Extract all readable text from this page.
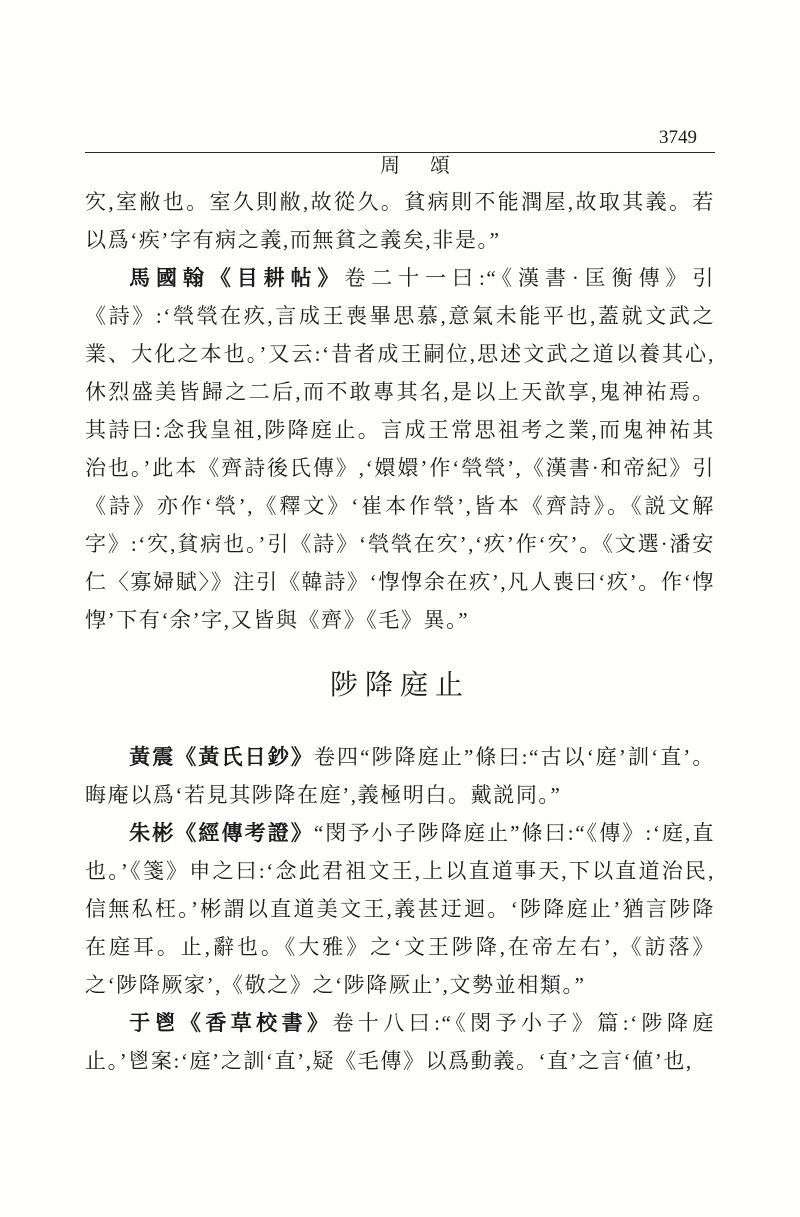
周 頌

3749

㝌,室敝也。室久則敝,故從久。貧病則不能潤屋,故取其義。若以爲‘疾’字有病之義,而無貧之義矣,非是。”

馬國翰《目耕帖》卷二十一曰:“《漢書·匡衡傳》引《詩》:‘煢煢在疚,言成王喪畢思慕,意氣未能平也,蓋就文武之業、大化之本也。’又云:‘昔者成王嗣位,思述文武之道以養其心,休烈盛美皆歸之二后,而不敢專其名,是以上天歆享,鬼神祐焉。其詩曰:念我皇祖,陟降庭止。言成王常思祖考之業,而鬼神祐其治也。’此本《齊詩後氏傳》,‘嬛嬛’作‘煢煢’,《漢書·和帝紀》引《詩》亦作‘煢’,《釋文》‘崔本作煢’,皆本《齊詩》。《説文解字》:‘㝌,貧病也。’引《詩》‘煢煢在㝌’,‘疚’作‘㝌’。《文選·潘安仁〈寡婦賦〉》注引《韓詩》‘惸惸余在疚’,凡人喪曰‘疚’。作‘惸惸’下有‘余’字,又皆與《齊》《毛》異。”

陟降庭止

黃震《黃氏日鈔》卷四“陟降庭止”條曰:“古以‘庭’訓‘直’。晦庵以爲‘若見其陟降在庭’,義極明白。戴説同。”

朱彬《經傳考證》“閔予小子陟降庭止”條曰:“《傳》:‘庭,直也。’《箋》申之曰:‘念此君祖文王,上以直道事天,下以直道治民,信無私枉。’彬謂以直道美文王,義甚迂迴。‘陟降庭止’猶言陟降在庭耳。止,辭也。《大雅》之‘文王陟降,在帝左右’,《訪落》之‘陟降厥家’,《敬之》之‘陟降厥止’,文勢並相類。”

于鬯《香草校書》卷十八曰:“《閔予小子》篇:‘陟降庭止。’鬯案:‘庭’之訓‘直’,疑《毛傳》以爲動義。‘直’之言‘値’也,
